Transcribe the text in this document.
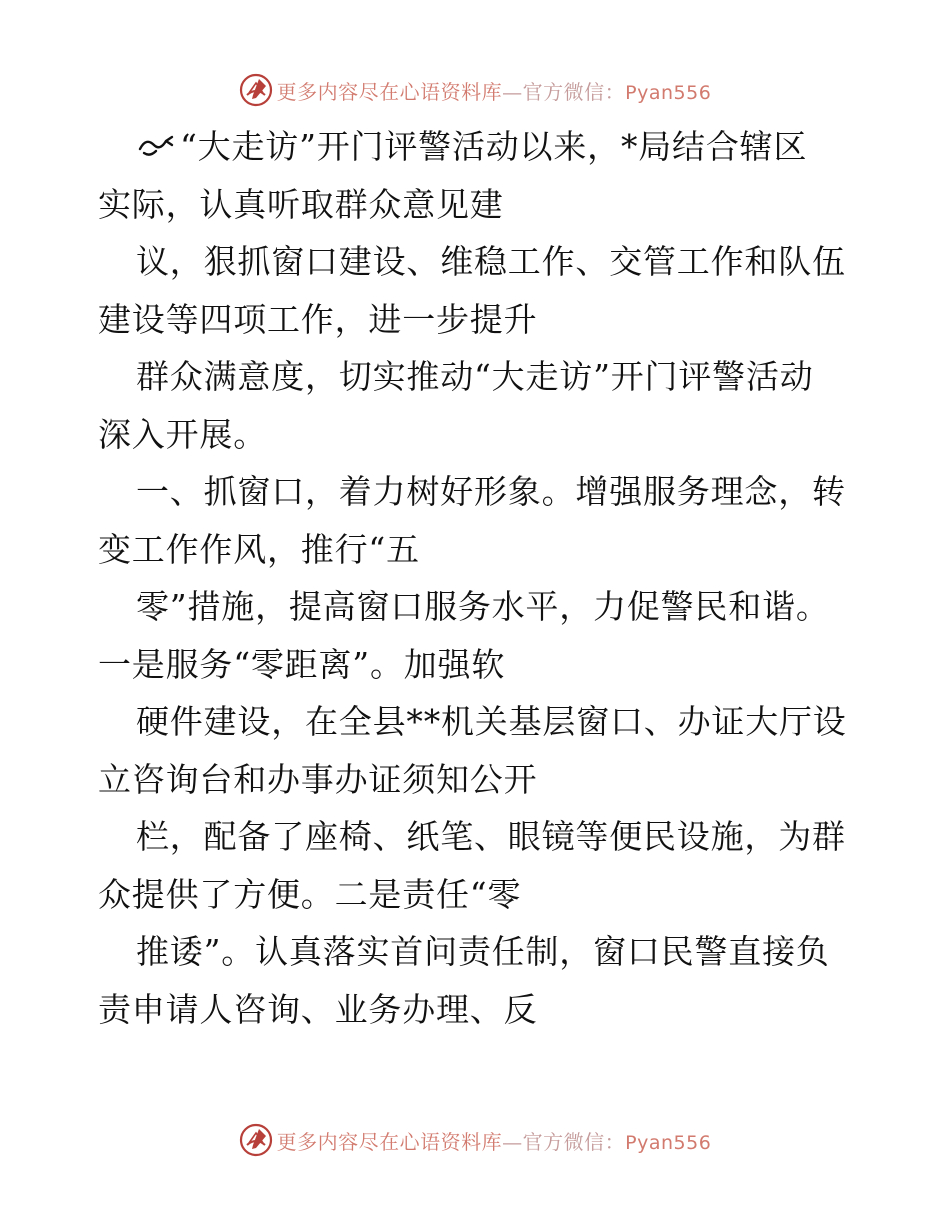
更多内容尽在心语资料库—官方微信：Pyan556
“大走访”开门评警活动以来，*局结合辖区
实际，认真听取群众意见建
议，狠抓窗口建设、维稳工作、交管工作和队伍
建设等四项工作，进一步提升
群众满意度，切实推动“大走访”开门评警活动
深入开展。
一、抓窗口，着力树好形象。增强服务理念，转
变工作作风，推行“五
零”措施，提高窗口服务水平，力促警民和谐。
一是服务“零距离”。加强软
硬件建设，在全县**机关基层窗口、办证大厅设
立咨询台和办事办证须知公开
栏，配备了座椅、纸笔、眼镜等便民设施，为群
众提供了方便。二是责任“零
推诿”。认真落实首问责任制，窗口民警直接负
责申请人咨询、业务办理、反
更多内容尽在心语资料库—官方微信：Pyan556
